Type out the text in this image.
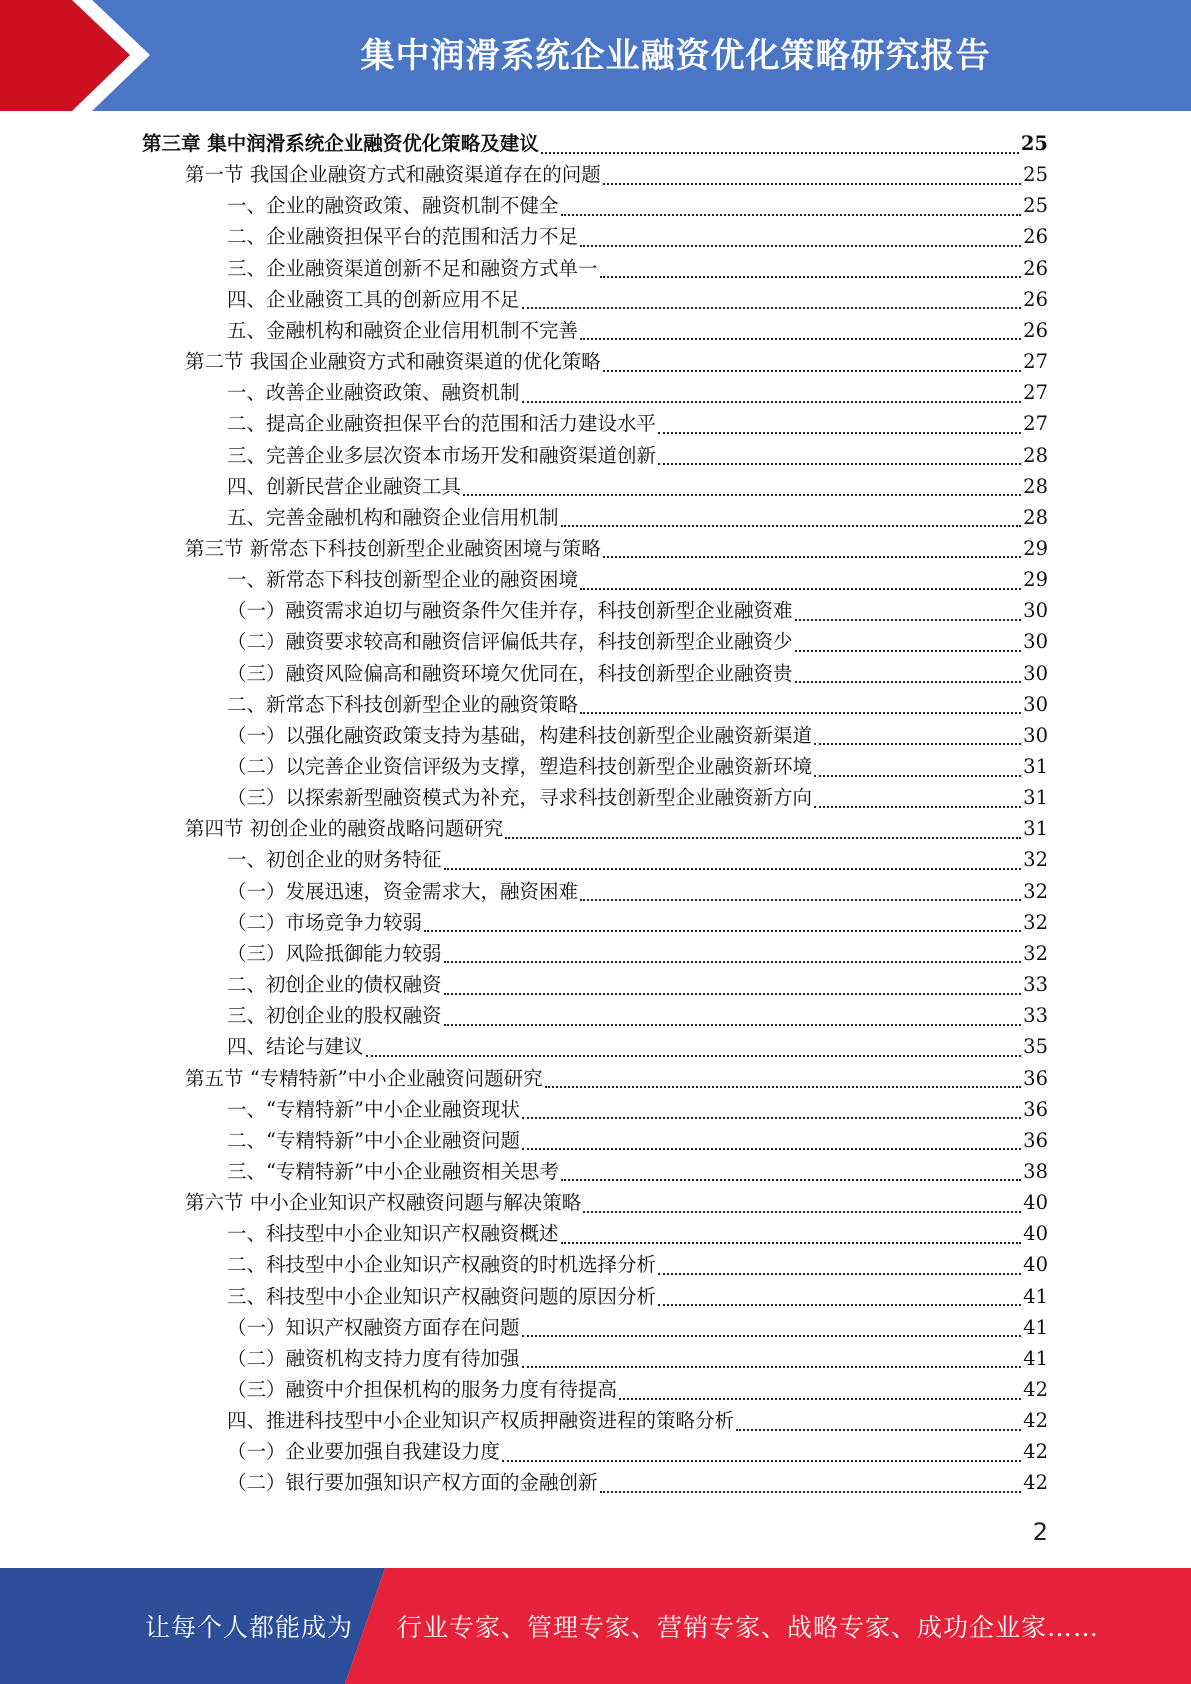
集中润滑系统企业融资优化策略研究报告
第三章 集中润滑系统企业融资优化策略及建议	25
第一节 我国企业融资方式和融资渠道存在的问题	25
一、企业的融资政策、融资机制不健全	25
二、企业融资担保平台的范围和活力不足	26
三、企业融资渠道创新不足和融资方式单一	26
四、企业融资工具的创新应用不足	26
五、金融机构和融资企业信用机制不完善	26
第二节 我国企业融资方式和融资渠道的优化策略	27
一、改善企业融资政策、融资机制	27
二、提高企业融资担保平台的范围和活力建设水平	27
三、完善企业多层次资本市场开发和融资渠道创新	28
四、创新民营企业融资工具	28
五、完善金融机构和融资企业信用机制	28
第三节 新常态下科技创新型企业融资困境与策略	29
一、新常态下科技创新型企业的融资困境	29
（一）融资需求迫切与融资条件欠佳并存，科技创新型企业融资难	30
（二）融资要求较高和融资信评偏低共存，科技创新型企业融资少	30
（三）融资风险偏高和融资环境欠优同在，科技创新型企业融资贵	30
二、新常态下科技创新型企业的融资策略	30
（一）以强化融资政策支持为基础，构建科技创新型企业融资新渠道	30
（二）以完善企业资信评级为支撑，塑造科技创新型企业融资新环境	31
（三）以探索新型融资模式为补充，寻求科技创新型企业融资新方向	31
第四节 初创企业的融资战略问题研究	31
一、初创企业的财务特征	32
（一）发展迅速，资金需求大，融资困难	32
（二）市场竞争力较弱	32
（三）风险抵御能力较弱	32
二、初创企业的债权融资	33
三、初创企业的股权融资	33
四、结论与建议	35
第五节 “专精特新”中小企业融资问题研究	36
一、“专精特新”中小企业融资现状	36
二、“专精特新”中小企业融资问题	36
三、“专精特新”中小企业融资相关思考	38
第六节 中小企业知识产权融资问题与解决策略	40
一、科技型中小企业知识产权融资概述	40
二、科技型中小企业知识产权融资的时机选择分析	40
三、科技型中小企业知识产权融资问题的原因分析	41
（一）知识产权融资方面存在问题	41
（二）融资机构支持力度有待加强	41
（三）融资中介担保机构的服务力度有待提高	42
四、推进科技型中小企业知识产权质押融资进程的策略分析	42
（一）企业要加强自我建设力度	42
（二）银行要加强知识产权方面的金融创新	42
2
让每个人都能成为 行业专家、管理专家、营销专家、战略专家、成功企业家……
